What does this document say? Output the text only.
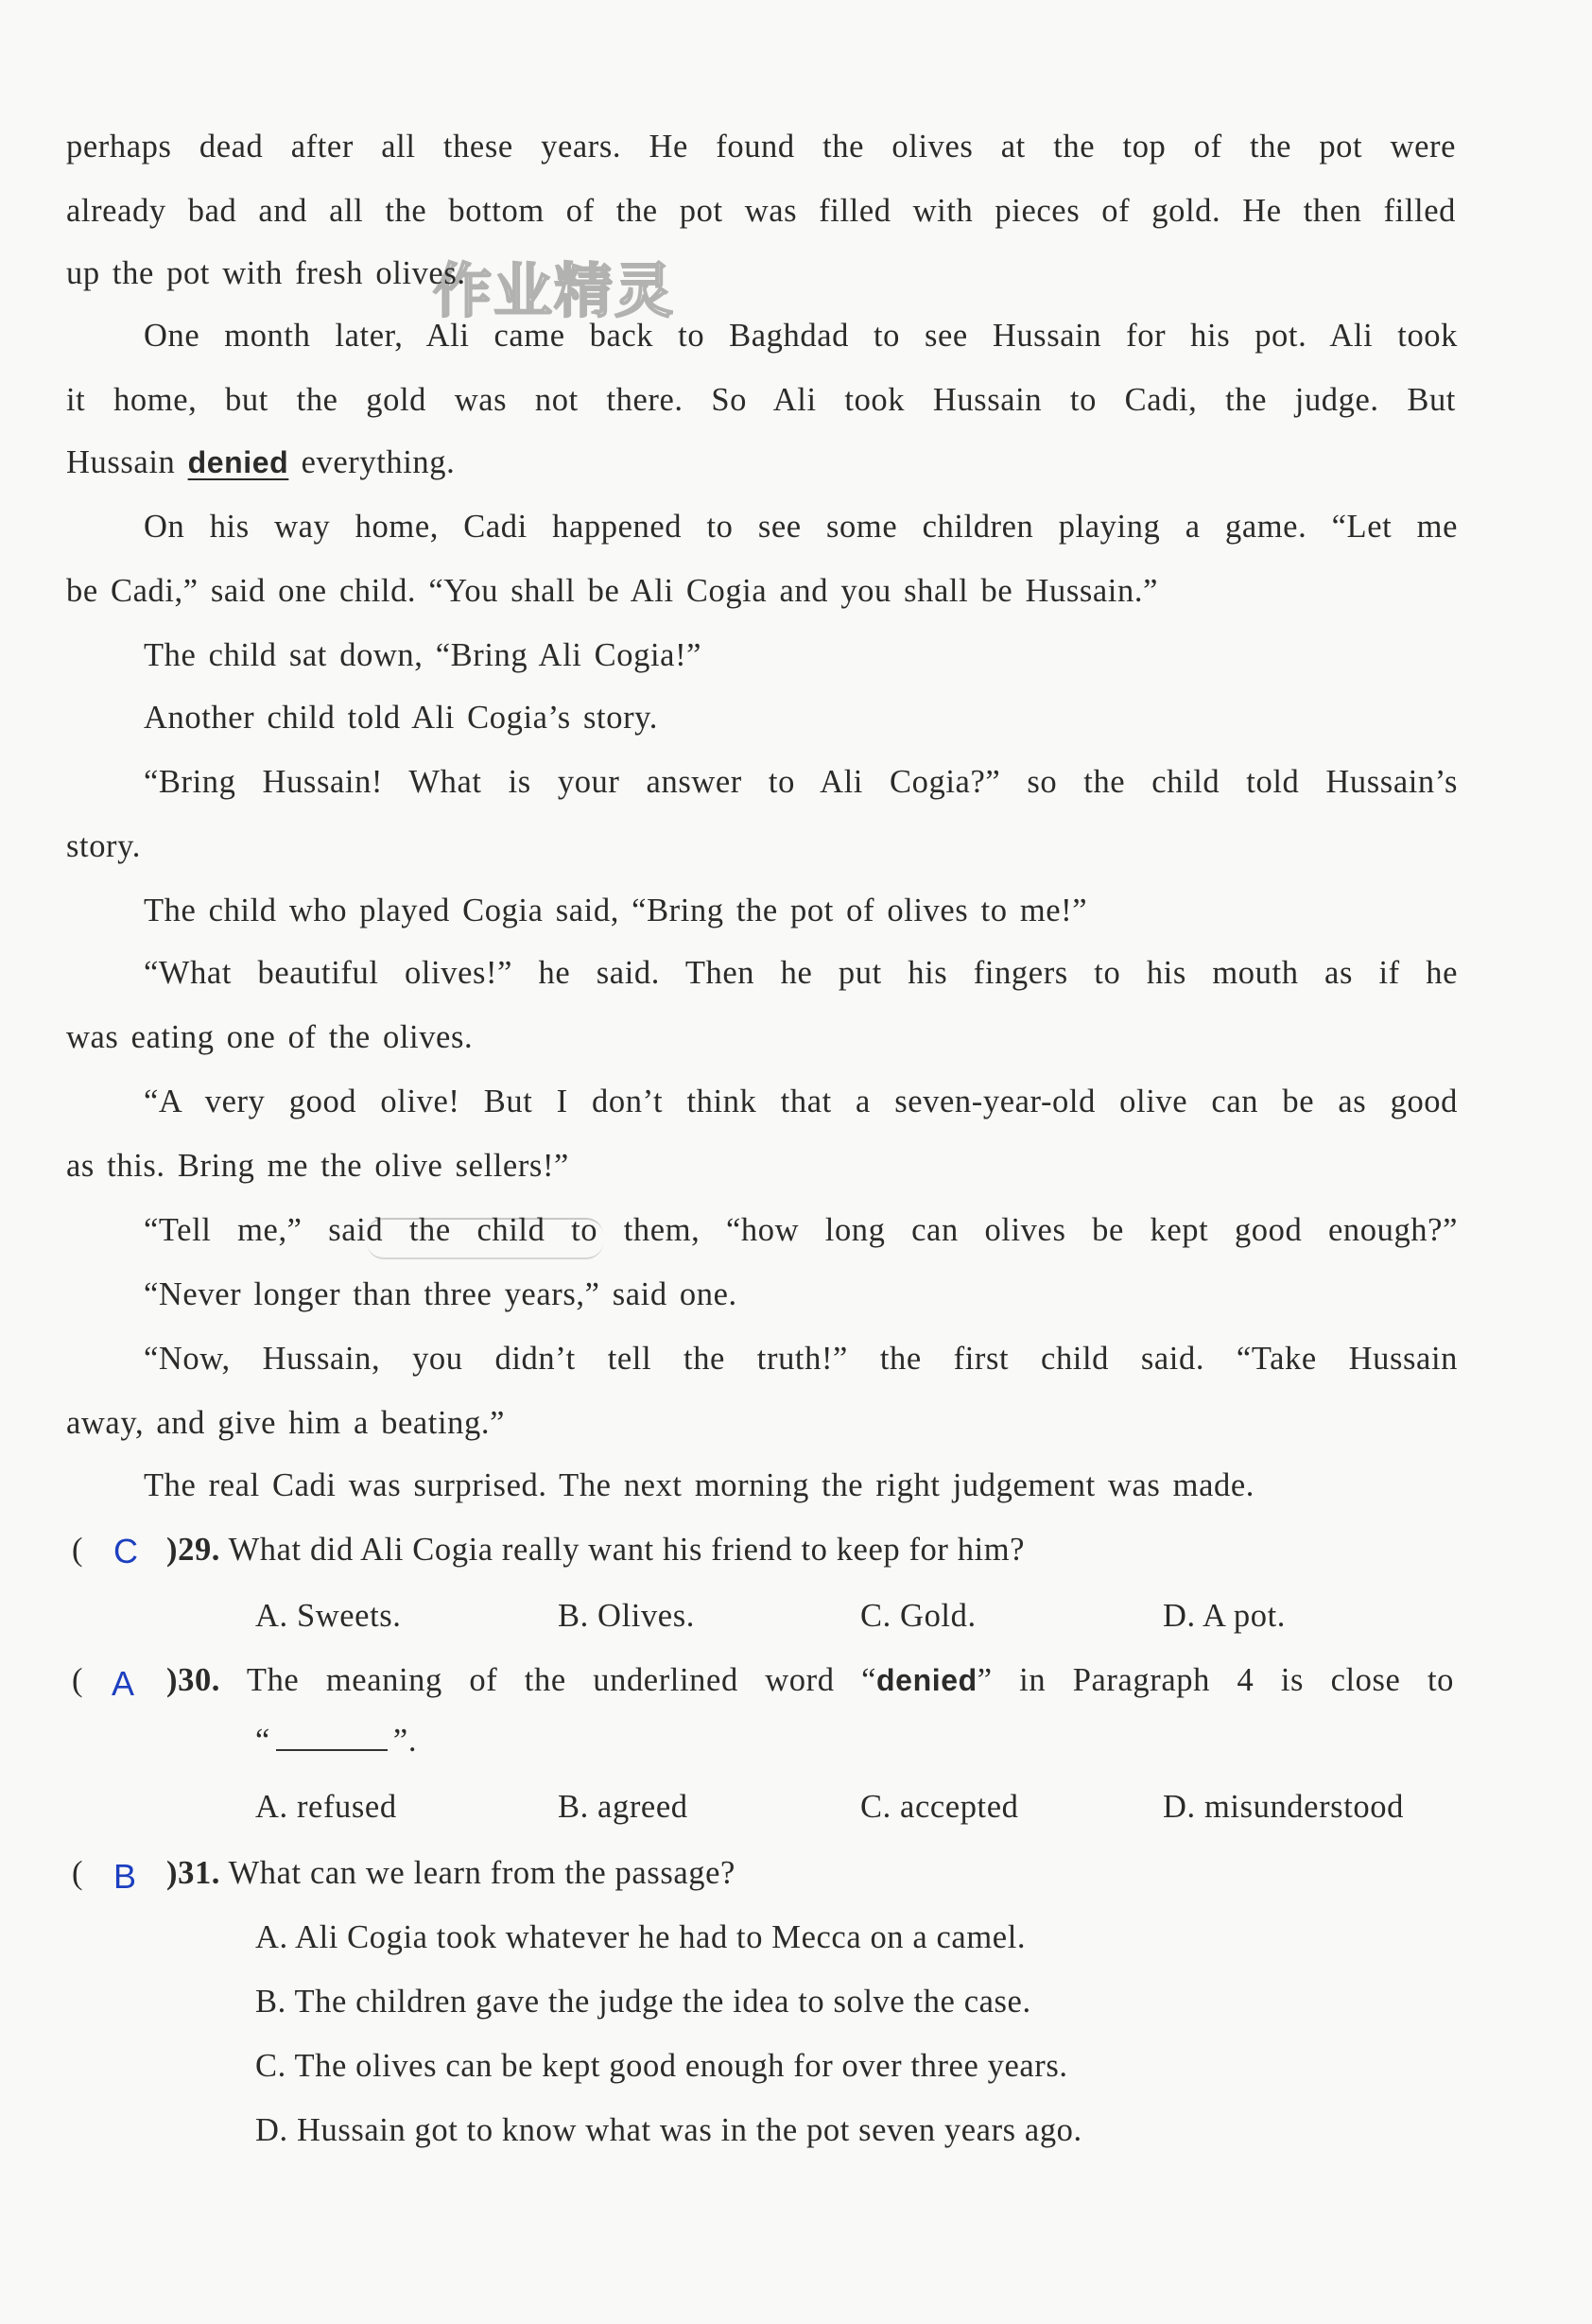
作业精灵
perhaps dead after all these years. He found the olives at the top of the pot were
already bad and all the bottom of the pot was filled with pieces of gold. He then filled
up the pot with fresh olives.
One month later, Ali came back to Baghdad to see Hussain for his pot. Ali took
it home, but the gold was not there. So Ali took Hussain to Cadi, the judge. But
Hussain denied everything.
On his way home, Cadi happened to see some children playing a game. “Let me
be Cadi,” said one child. “You shall be Ali Cogia and you shall be Hussain.”
The child sat down, “Bring Ali Cogia!”
Another child told Ali Cogia’s story.
“Bring Hussain! What is your answer to Ali Cogia?” so the child told Hussain’s
story.
The child who played Cogia said, “Bring the pot of olives to me!”
“What beautiful olives!” he said. Then he put his fingers to his mouth as if he
was eating one of the olives.
“A very good olive! But I don’t think that a seven-year-old olive can be as good
as this. Bring me the olive sellers!”
“Tell me,” said the child to them, “how long can olives be kept good enough?”
“Never longer than three years,” said one.
“Now, Hussain, you didn’t tell the truth!” the first child said. “Take Hussain
away, and give him a beating.”
The real Cadi was surprised. The next morning the right judgement was made.
( C )29. What did Ali Cogia really want his friend to keep for him?
A. Sweets.	B. Olives.	C. Gold.	D. A pot.
( A )30. The meaning of the underlined word “denied” in Paragraph 4 is close to
“	”.
A. refused	B. agreed	C. accepted	D. misunderstood
( B )31. What can we learn from the passage?
A. Ali Cogia took whatever he had to Mecca on a camel.
B. The children gave the judge the idea to solve the case.
C. The olives can be kept good enough for over three years.
D. Hussain got to know what was in the pot seven years ago.
